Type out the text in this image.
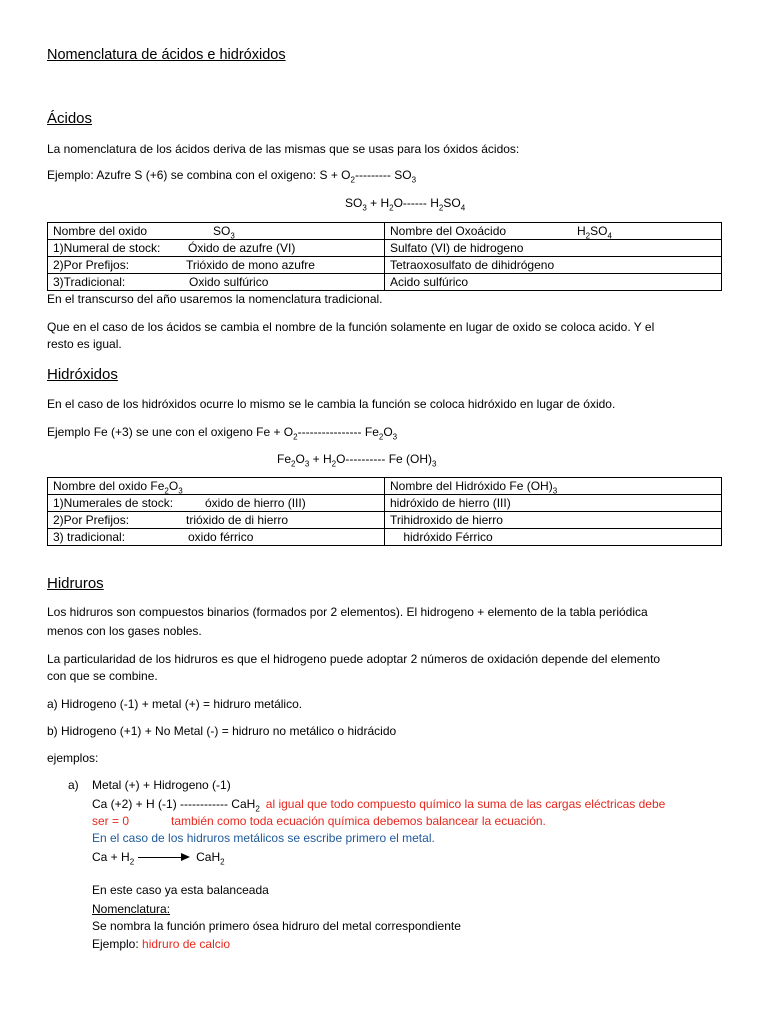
Nomenclatura de ácidos e hidróxidos
Ácidos
La nomenclatura de los ácidos deriva de las mismas que se usas para los óxidos ácidos:
Ejemplo: Azufre S (+6) se combina con el oxigeno: $S + O_2---------$ $SO_3$
$SO_3 + H_2O------$ $H_2SO_4$
Nombre del oxido $SO_3$	Nombre del Oxoácido $H_2SO_4$
1)Numeral de stock: Óxido de azufre (VI)	Sulfato (VI) de hidrogeno
2)Por Prefijos: Trióxido de mono azufre	Tetraoxosulfato de dihidrógeno
3)Tradicional: Oxido sulfúrico	Acido sulfúrico
En el transcurso del año usaremos la nomenclatura tradicional.
Que en el caso de los ácidos se cambia el nombre de la función solamente en lugar de oxido se coloca acido. Y el
resto es igual.
Hidróxidos
En el caso de los hidróxidos ocurre lo mismo se le cambia la función se coloca hidróxido en lugar de óxido.
Ejemplo Fe (+3) se une con el oxigeno $Fe + O_2----------------$ $Fe_2O_3$
$Fe_2O_3 + H_2O----------$ Fe $(OH)_3$
Nombre del oxido $Fe_2O_3$	Nombre del Hidróxido Fe $(OH)_3$
1)Numerales de stock: óxido de hierro (III)	hidróxido de hierro (III)
2)Por Prefijos: trióxido de di hierro	Trihidroxido de hierro
3) tradicional: oxido férrico	hidróxido Férrico
Hidruros
Los hidruros son compuestos binarios (formados por 2 elementos). El hidrogeno + elemento de la tabla periódica
menos con los gases nobles.
La particularidad de los hidruros es que el hidrogeno puede adoptar 2 números de oxidación depende del elemento
con que se combine.
a) Hidrogeno (-1) + metal (+) = hidruro metálico.
b) Hidrogeno (+1) + No Metal (-) = hidruro no metálico o hidrácido
ejemplos:
a) Metal (+) + Hidrogeno (-1)
Ca (+2) + H (-1) ------------ CaH$_2$ al igual que todo compuesto químico la suma de las cargas eléctricas debe
ser = 0	también como toda ecuación química debemos balancear la ecuación.
En el caso de los hidruros metálicos se escribe primero el metal.
$Ca + H_2$	CaH$_2$
En este caso ya esta balanceada
Nomenclatura:
Se nombra la función primero ósea hidruro del metal correspondiente
Ejemplo: hidruro de calcio
